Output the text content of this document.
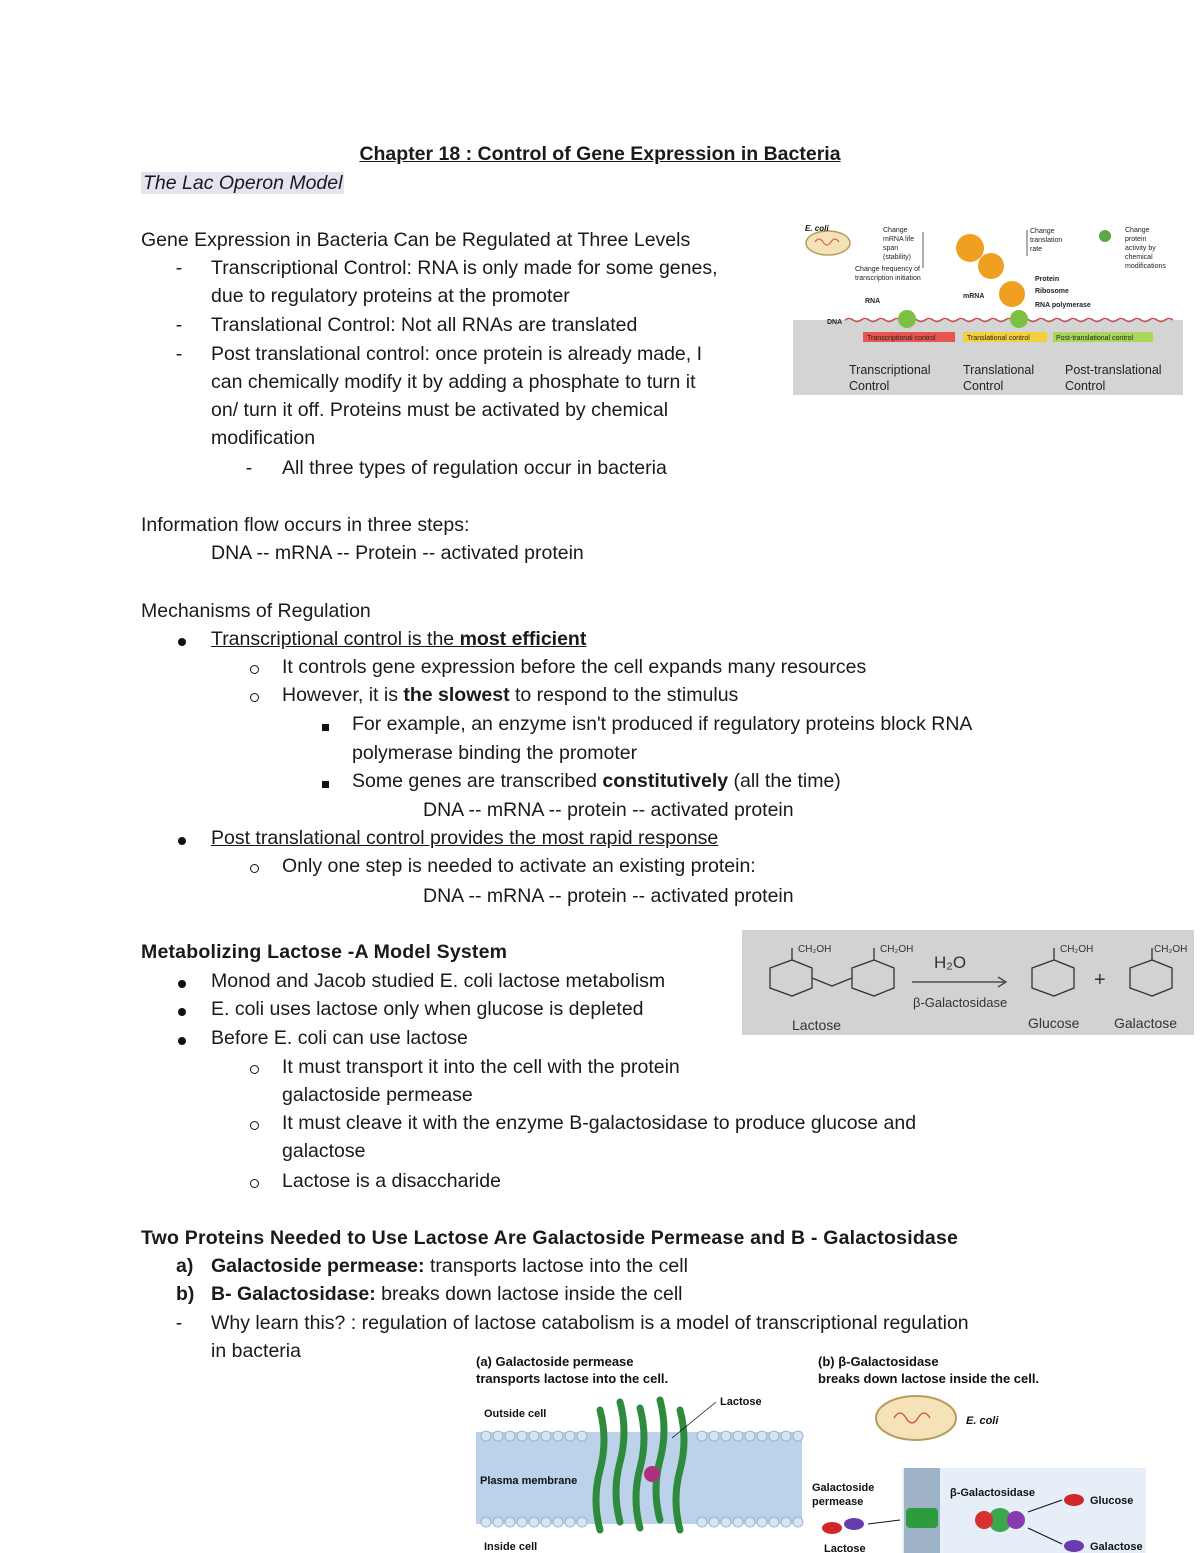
Chapter 18 : Control of Gene Expression in Bacteria
The Lac Operon Model
Gene Expression in Bacteria Can be Regulated at Three Levels
-	Transcriptional Control: RNA is only made for some genes,
due to regulatory proteins at the promoter
-	Translational Control: Not all RNAs are translated
-	Post translational control: once protein is already made, I
can chemically modify it by adding a phosphate to turn it
on/ turn it off. Proteins must be activated by chemical
modification
-	All three types of regulation occur in bacteria
E. coli	Change mRNA life span (stability)
Change frequency of transcription initiation
Change translation rate
Change protein activity by chemical modifications
RNA
mRNA
DNA
Protein
Ribosome
RNA polymerase
Transcriptional control	Translational control	Post-translational control
Transcriptional Control
Translational Control
Post-translational Control
Information flow occurs in three steps:
DNA -- mRNA -- Protein -- activated protein
Mechanisms of Regulation
Transcriptional control is the most efficient
It controls gene expression before the cell expands many resources
However, it is the slowest to respond to the stimulus
For example, an enzyme isn't produced if regulatory proteins block RNA
polymerase binding the promoter
Some genes are transcribed constitutively (all the time)
DNA -- mRNA -- protein -- activated protein
Post translational control provides the most rapid response
Only one step is needed to activate an existing protein:
DNA -- mRNA -- protein -- activated protein
Metabolizing Lactose -A Model System
Monod and Jacob studied E. coli lactose metabolism
E. coli uses lactose only when glucose is depleted
Before E. coli can use lactose
It must transport it into the cell with the protein
galactoside permease
It must cleave it with the enzyme B-galactosidase to produce glucose and
galactose
Lactose is a disaccharide
CH₂OH	CH₂OH	CH₂OH	CH₂OH
H₂O
β-Galactosidase
+
Lactose	Glucose Galactose
Two Proteins Needed to Use Lactose Are Galactoside Permease and B - Galactosidase
a) Galactoside permease: transports lactose into the cell
b) B- Galactosidase: breaks down lactose inside the cell
-	Why learn this? : regulation of lactose catabolism is a model of transcriptional regulation
in bacteria	(a) Galactoside permease
transports lactose into the cell.
Outside cell
Lactose
Plasma membrane
Inside cell
(b) β-Galactosidase
breaks down lactose inside the cell.
E. coli
Galactoside permease
β-Galactosidase
Glucose
Galactose
Lactose
